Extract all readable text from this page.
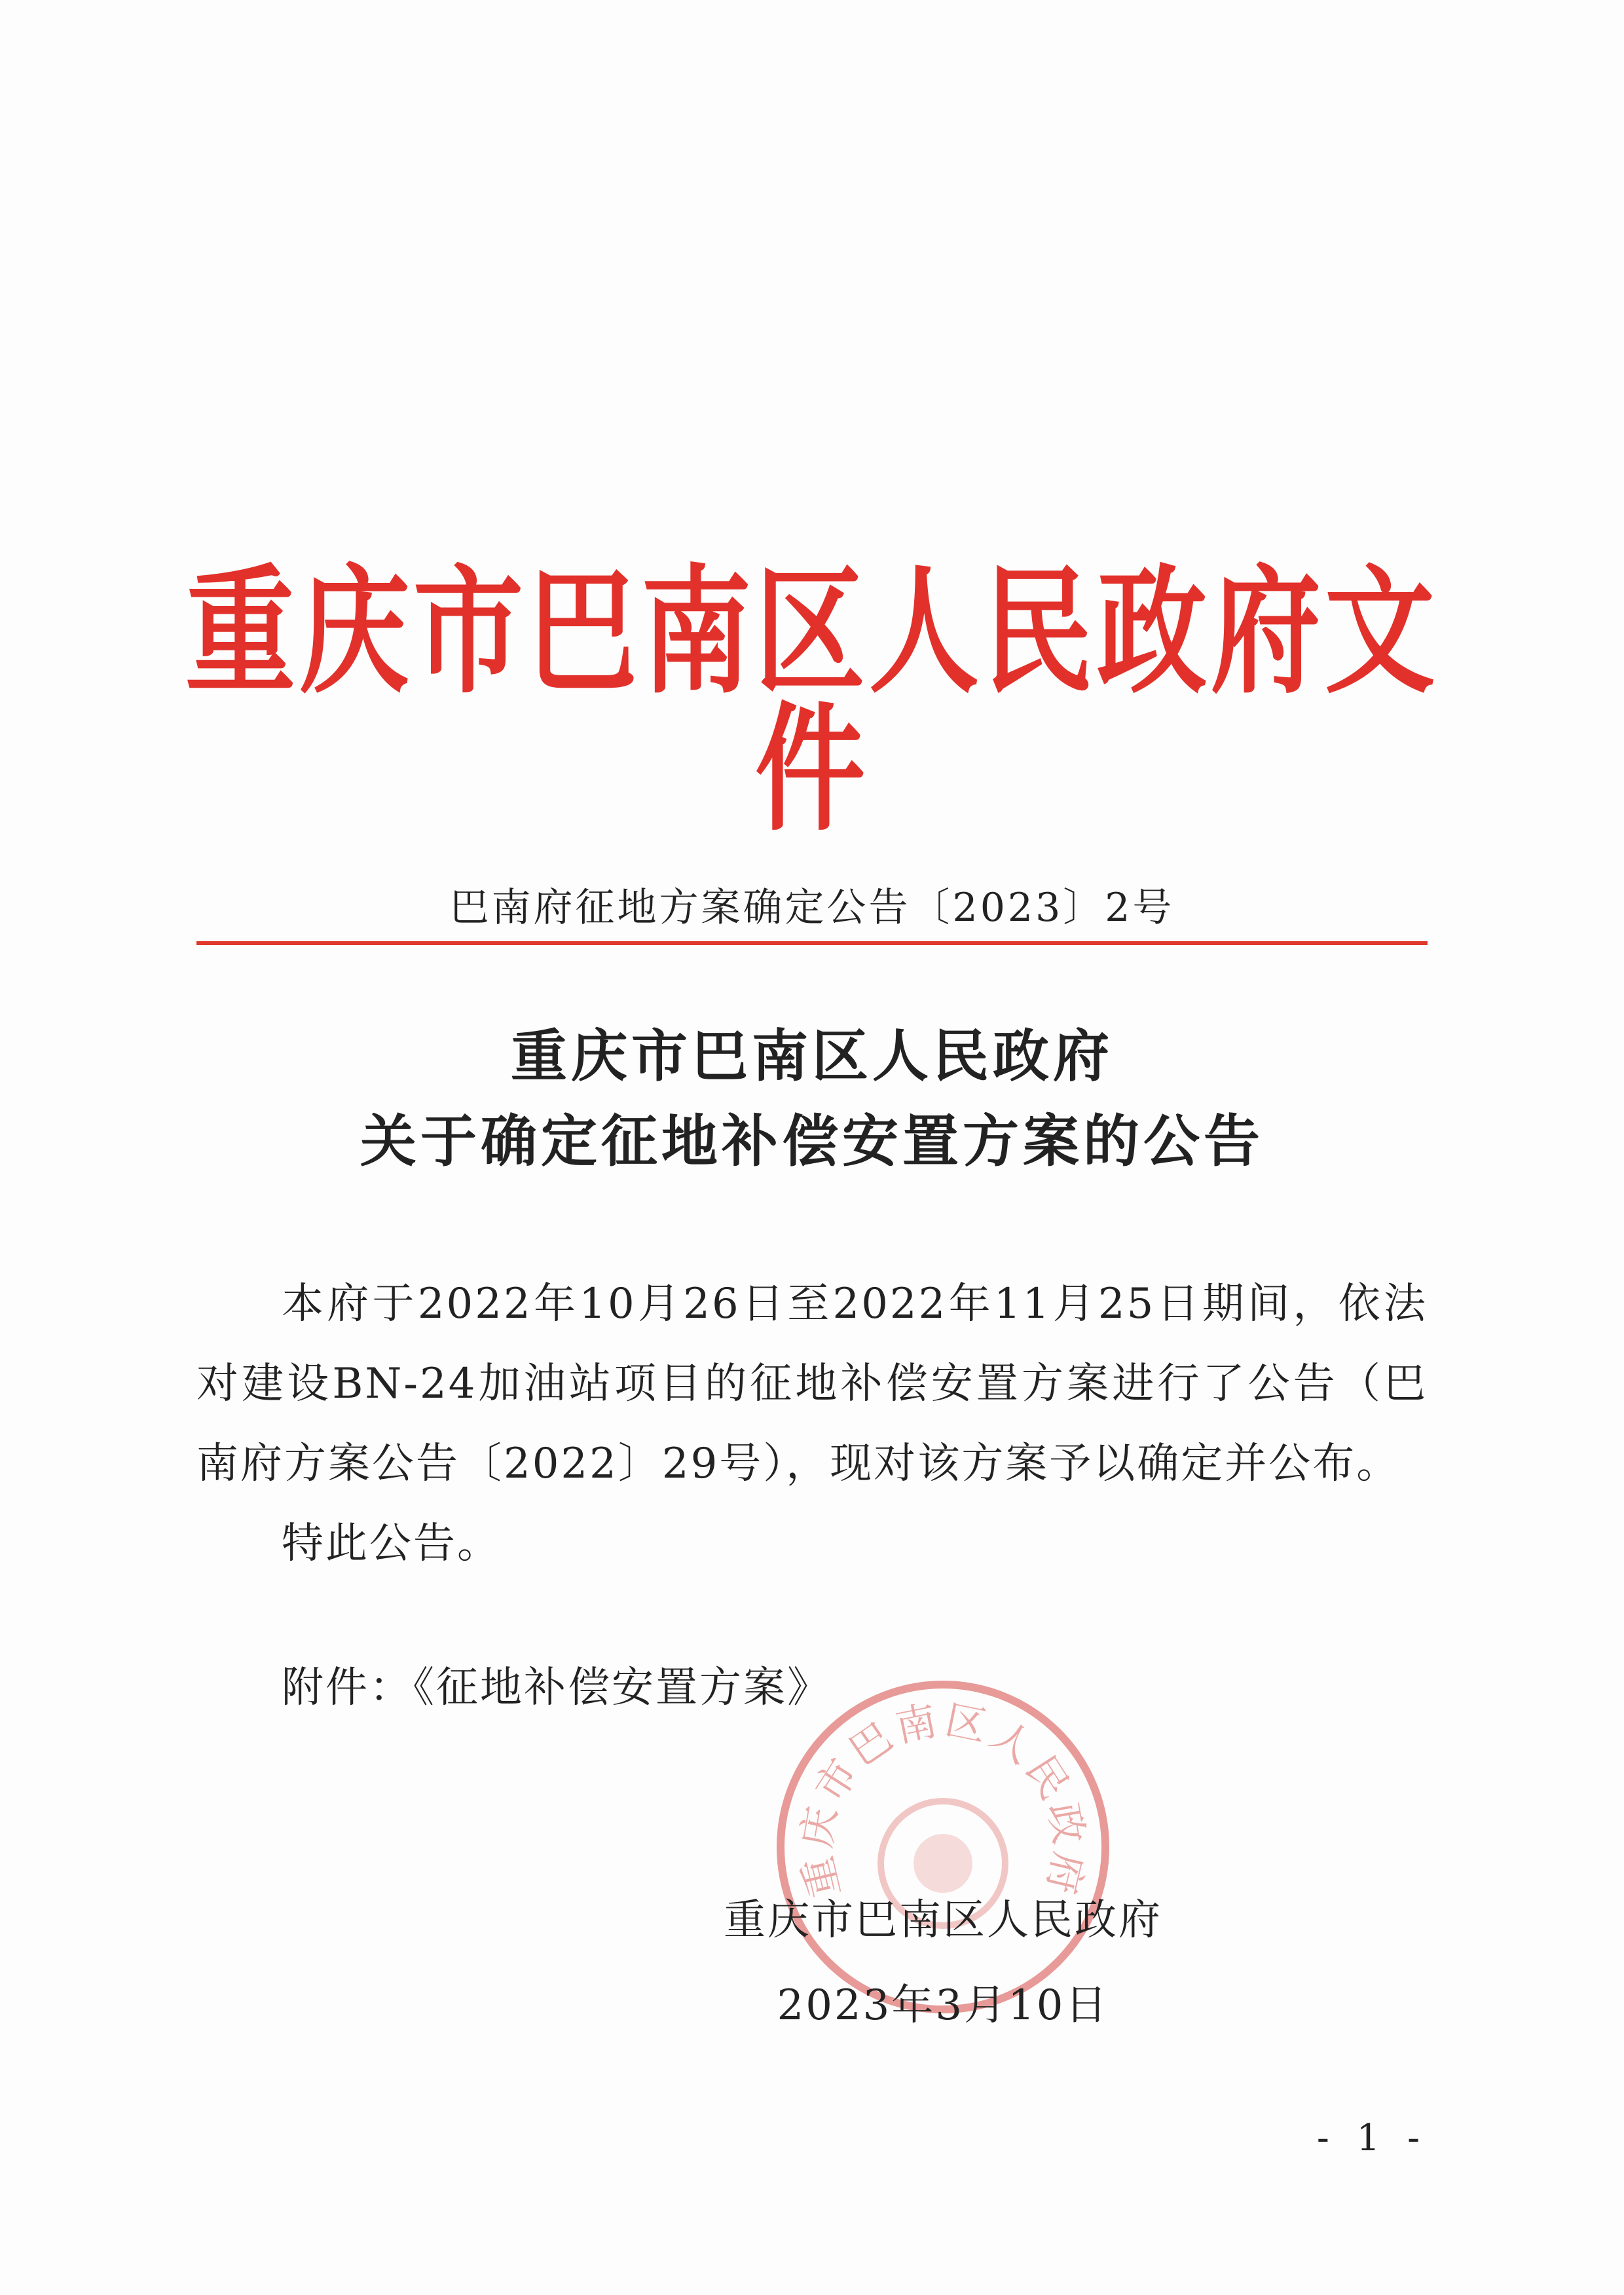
重庆市巴南区人民政府文件
巴南府征地方案确定公告〔2023〕2号
重庆市巴南区人民政府
关于确定征地补偿安置方案的公告

本府于2022年10月26日至2022年11月25日期间，依法对建设BN-24加油站项目的征地补偿安置方案进行了公告（巴南府方案公告〔2022〕29号），现对该方案予以确定并公布。

特此公告。

附件：《征地补偿安置方案》
重庆市巴南区人民政府
重庆市巴南区人民政府
2023年3月10日
- 1 -
